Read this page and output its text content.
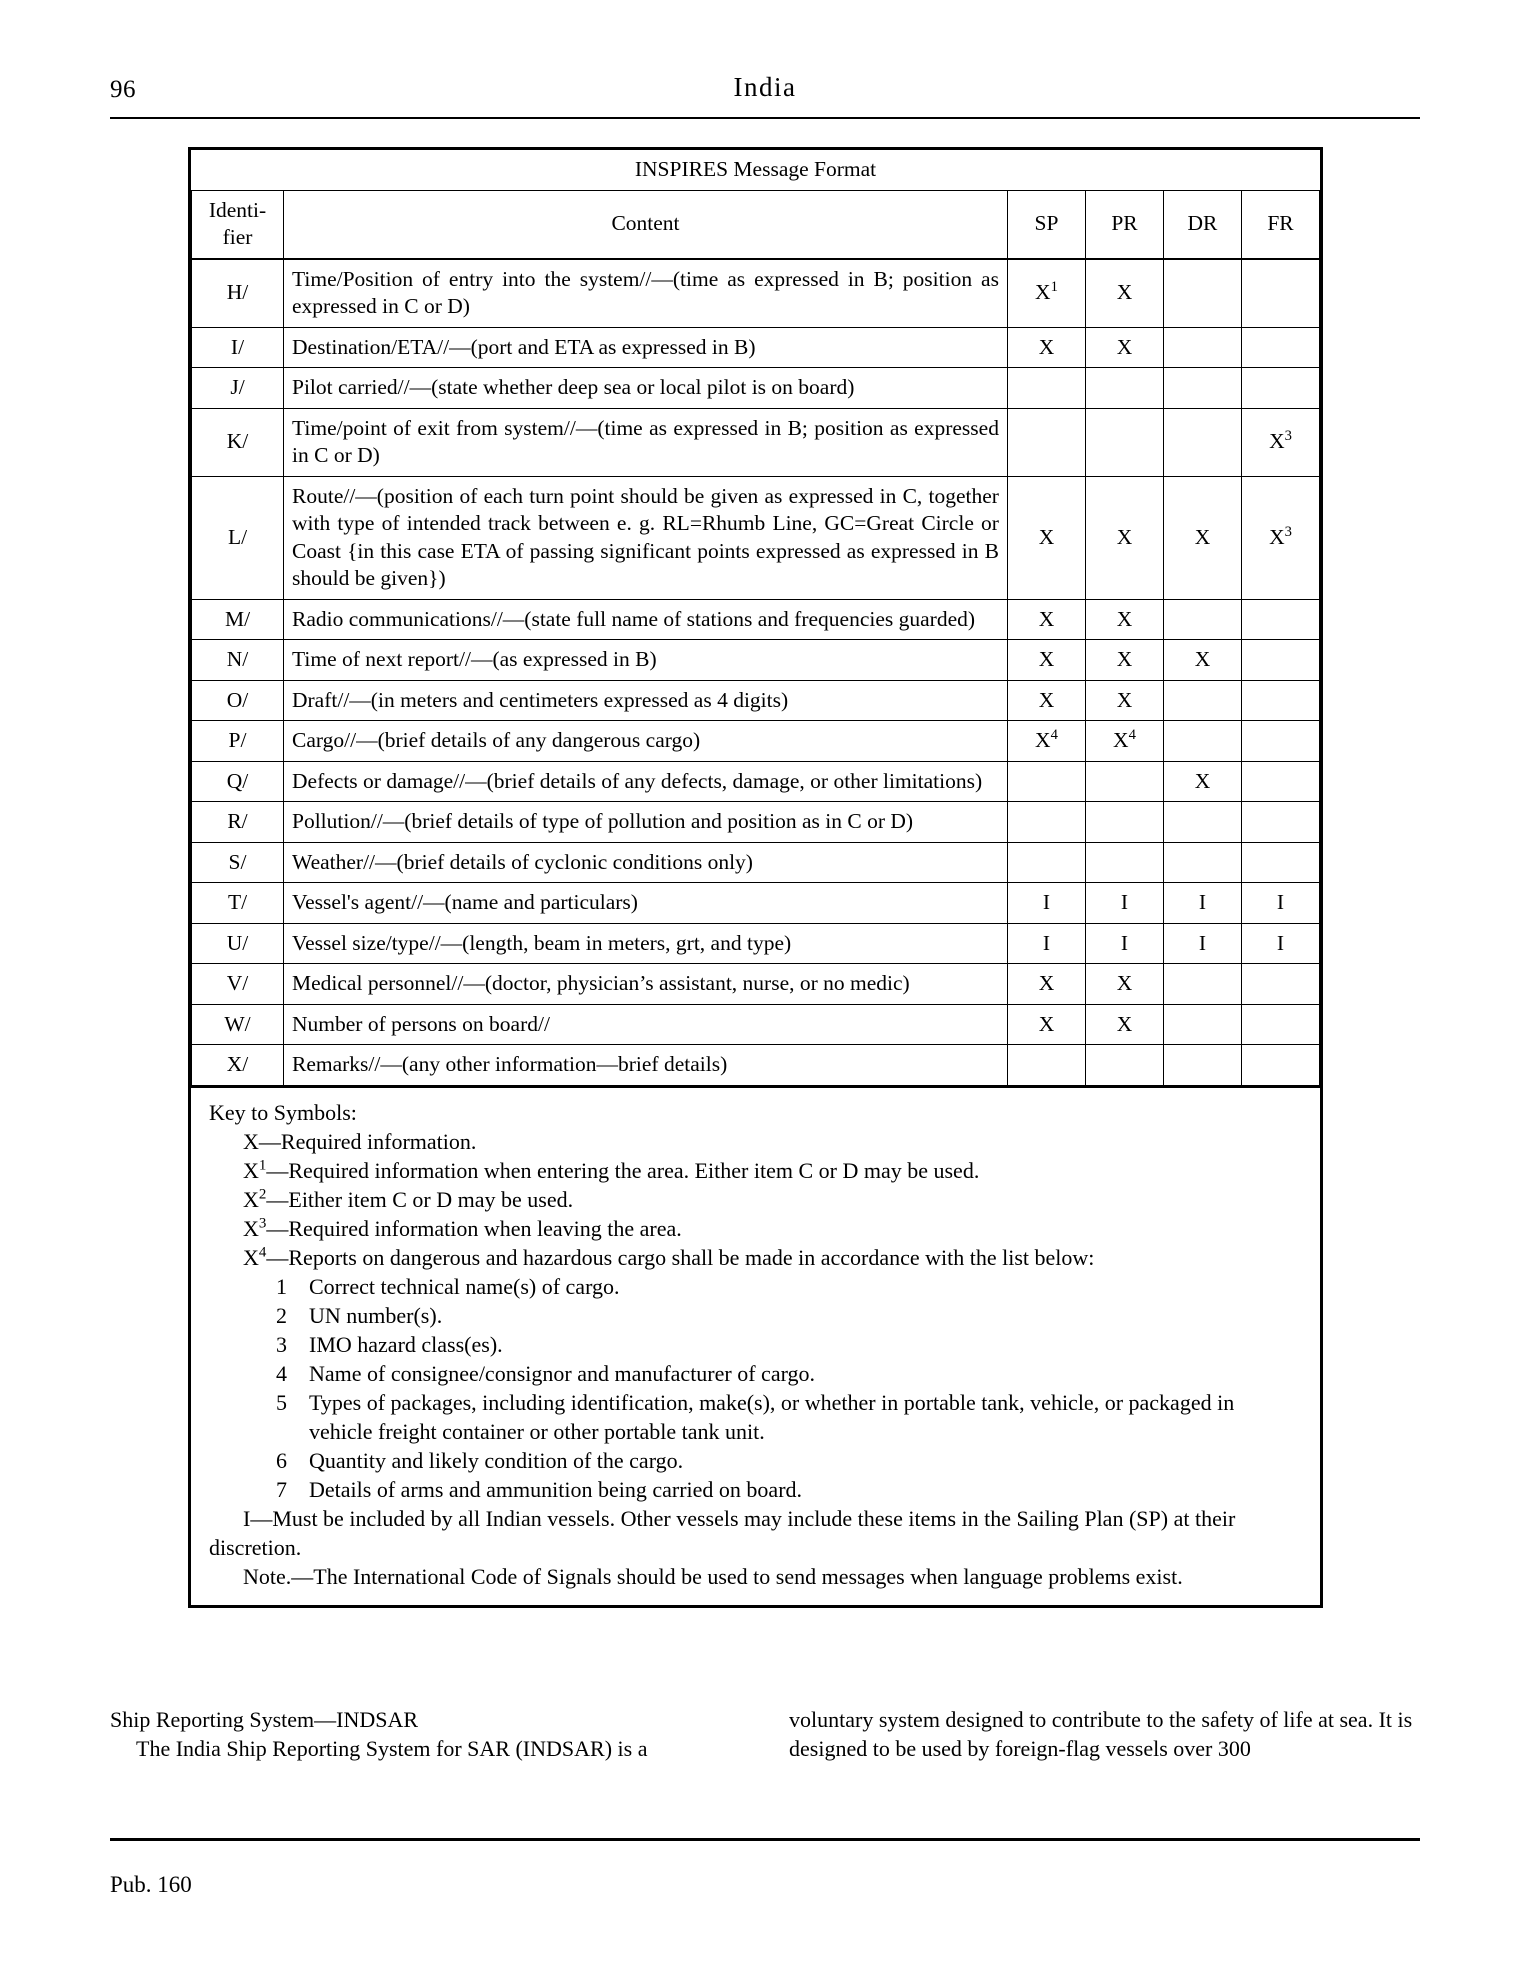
96	India
INSPIRES Message Format					
Identi-
fier	Content	SP	PR	DR	FR
H/	Time/Position of entry into the system//—(time as expressed in B; position as expressed in C or D)	$X^1$	X		
I/	Destination/ETA//—(port and ETA as expressed in B)	X	X		
J/	Pilot carried//—(state whether deep sea or local pilot is on board)				
K/	Time/point of exit from system//—(time as expressed in B; position as expressed in C or D)				$X^3$
L/	Route//—(position of each turn point should be given as expressed in C, together with type of intended track between e. g. RL=Rhumb Line, GC=Great Circle or Coast {in this case ETA of passing significant points expressed as expressed in B should be given})	X	X	X	$X^3$
M/	Radio communications//—(state full name of stations and frequencies guarded)	X	X		
N/	Time of next report//—(as expressed in B)	X	X	X	
O/	Draft//—(in meters and centimeters expressed as 4 digits)	X	X		
P/	Cargo//—(brief details of any dangerous cargo)	$X^4$	$X^4$		
Q/	Defects or damage//—(brief details of any defects, damage, or other limitations)			X	
R/	Pollution//—(brief details of type of pollution and position as in C or D)				
S/	Weather//—(brief details of cyclonic conditions only)				
T/	Vessel's agent//—(name and particulars)	I	I	I	I
U/	Vessel size/type//—(length, beam in meters, grt, and type)	I	I	I	I
V/	Medical personnel//—(doctor, physician’s assistant, nurse, or no medic)	X	X		
W/	Number of persons on board//	X	X		
X/	Remarks//—(any other information—brief details)				
Key to Symbols:
X—Required information.
$X^1—Required$ information when entering the area. Either item C or D may be used.
$X^2—Either$ item C or D may be used.
$X^3—Required$ information when leaving the area.
$X^4—Reports$ on dangerous and hazardous cargo shall be made in accordance with the list below:
1 Correct technical name(s) of cargo.
2 UN number(s).
3 IMO hazard class(es).
4 Name of consignee/consignor and manufacturer of cargo.
5 Types of packages, including identification, make(s), or whether in portable tank, vehicle, or packaged in vehicle freight container or other portable tank unit.
6 Quantity and likely condition of the cargo.
7 Details of arms and ammunition being carried on board.
I—Must be included by all Indian vessels. Other vessels may include these items in the Sailing Plan (SP) at their discretion.
Note.—The International Code of Signals should be used to send messages when language problems exist.

Ship Reporting System—INDSAR

The India Ship Reporting System for SAR (INDSAR) is a

voluntary system designed to contribute to the safety of life at sea. It is designed to be used by foreign-flag vessels over 300

Pub. 160
